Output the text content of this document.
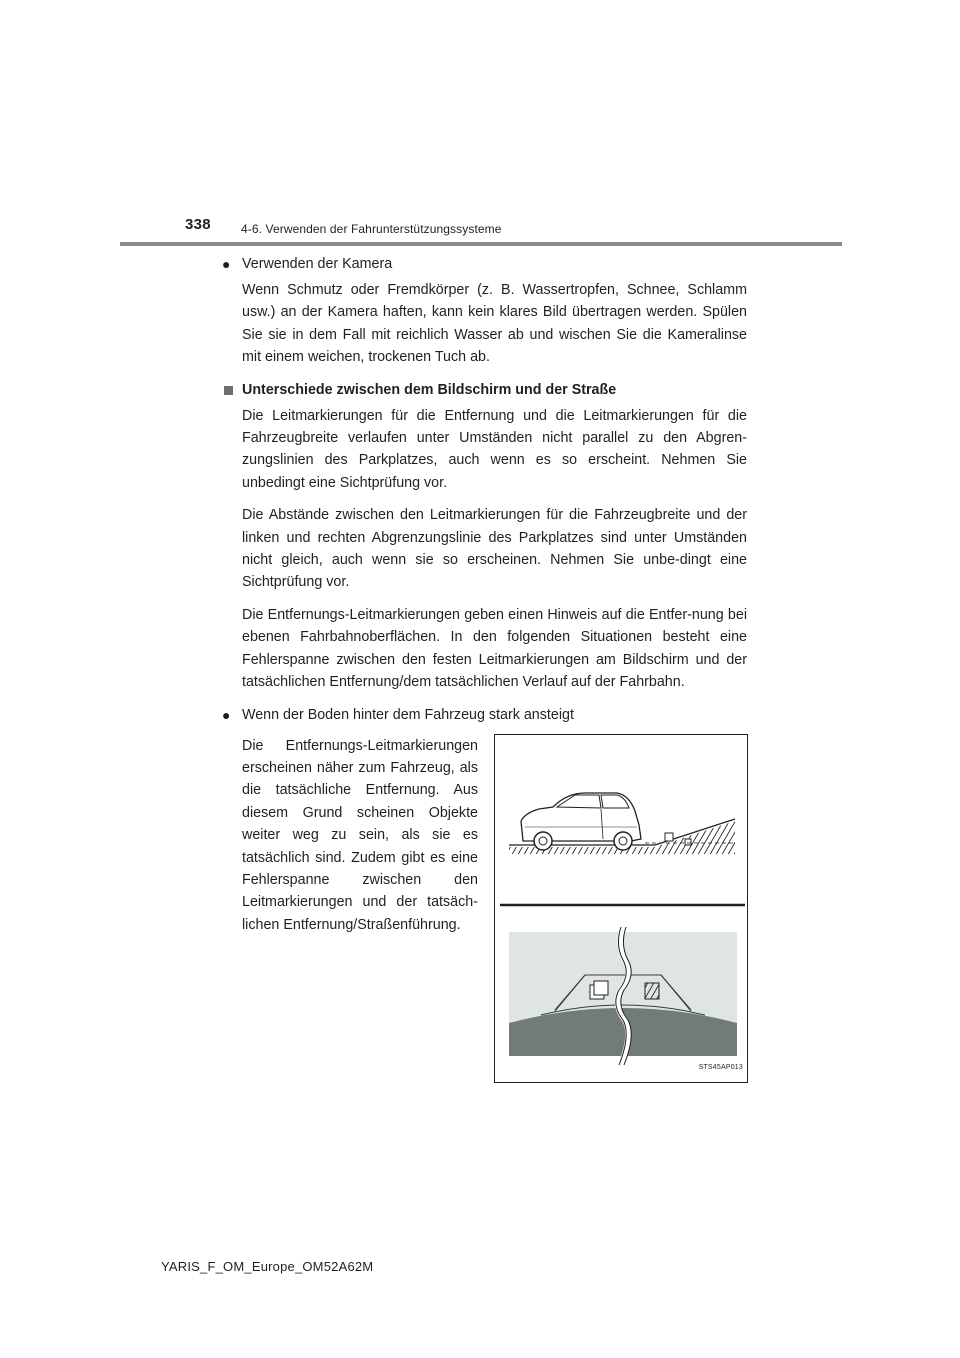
338	4-6. Verwenden der Fahrunterstützungssysteme
● Verwenden der Kamera

Wenn Schmutz oder Fremdkörper (z. B. Wassertropfen, Schnee, Schlamm usw.) an der Kamera haften, kann kein klares Bild übertragen werden. Spülen Sie sie in dem Fall mit reichlich Wasser ab und wischen Sie die Kameralinse mit einem weichen, trockenen Tuch ab.

Unterschiede zwischen dem Bildschirm und der Straße

Die Leitmarkierungen für die Entfernung und die Leitmarkierungen für die Fahrzeugbreite verlaufen unter Umständen nicht parallel zu den Abgren-zungslinien des Parkplatzes, auch wenn es so erscheint. Nehmen Sie unbedingt eine Sichtprüfung vor.

Die Abstände zwischen den Leitmarkierungen für die Fahrzeugbreite und der linken und rechten Abgrenzungslinie des Parkplatzes sind unter Umständen nicht gleich, auch wenn sie so erscheinen. Nehmen Sie unbe-dingt eine Sichtprüfung vor.

Die Entfernungs-Leitmarkierungen geben einen Hinweis auf die Entfer-nung bei ebenen Fahrbahnoberflächen. In den folgenden Situationen besteht eine Fehlerspanne zwischen den festen Leitmarkierungen am Bildschirm und der tatsächlichen Entfernung/dem tatsächlichen Verlauf auf der Fahrbahn.

● Wenn der Boden hinter dem Fahrzeug stark ansteigt

Die Entfernungs-Leitmarkierungen erscheinen näher zum Fahrzeug, als die tatsächliche Entfernung. Aus diesem Grund scheinen Objekte weiter weg zu sein, als sie es tatsächlich sind. Zudem gibt es eine Fehlerspanne zwischen den Leitmarkierungen und der tatsäch-lichen Entfernung/Straßenführung.

STS45AP013
YARIS_F_OM_Europe_OM52A62M
